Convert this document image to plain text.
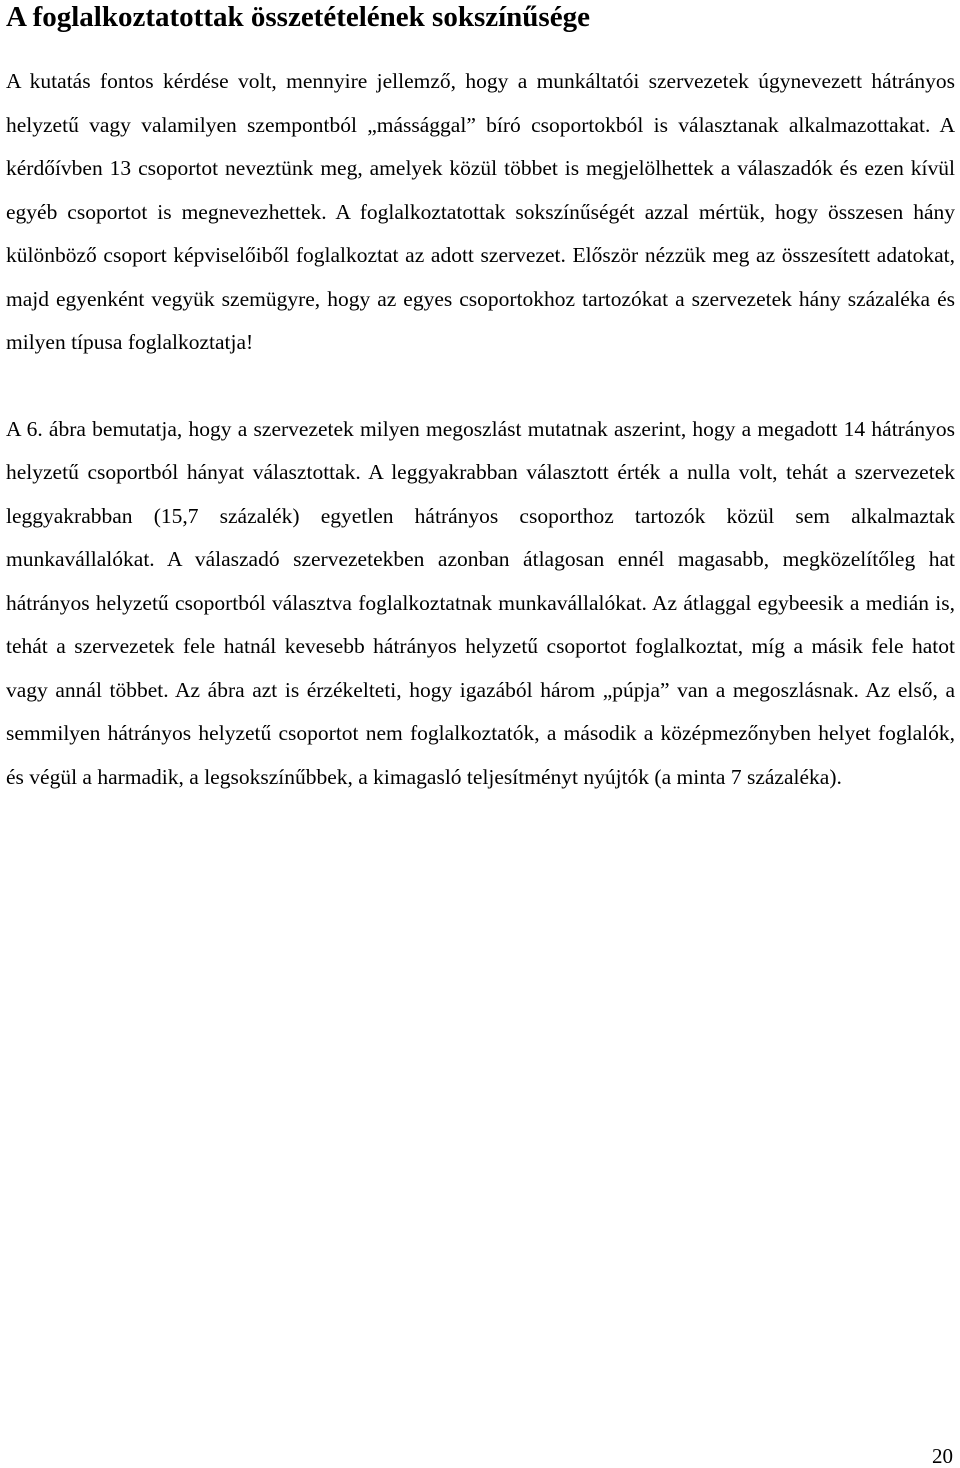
A foglalkoztatottak összetételének sokszínűsége

A kutatás fontos kérdése volt, mennyire jellemző, hogy a munkáltatói szervezetek úgynevezett hátrányos helyzetű vagy valamilyen szempontból „mássággal” bíró csoportokból is választanak alkalmazottakat. A kérdőívben 13 csoportot neveztünk meg, amelyek közül többet is megjelölhettek a válaszadók és ezen kívül egyéb csoportot is megnevezhettek. A foglalkoztatottak sokszínűségét azzal mértük, hogy összesen hány különböző csoport képviselőiből foglalkoztat az adott szervezet. Először nézzük meg az összesített adatokat, majd egyenként vegyük szemügyre, hogy az egyes csoportokhoz tartozókat a szervezetek hány százaléka és milyen típusa foglalkoztatja!

A 6. ábra bemutatja, hogy a szervezetek milyen megoszlást mutatnak aszerint, hogy a megadott 14 hátrányos helyzetű csoportból hányat választottak. A leggyakrabban választott érték a nulla volt, tehát a szervezetek leggyakrabban (15,7 százalék) egyetlen hátrányos csoporthoz tartozók közül sem alkalmaztak munkavállalókat. A válaszadó szervezetekben azonban átlagosan ennél magasabb, megközelítőleg hat hátrányos helyzetű csoportból választva foglalkoztatnak munkavállalókat. Az átlaggal egybeesik a medián is, tehát a szervezetek fele hatnál kevesebb hátrányos helyzetű csoportot foglalkoztat, míg a másik fele hatot vagy annál többet. Az ábra azt is érzékelteti, hogy igazából három „púpja” van a megoszlásnak. Az első, a semmilyen hátrányos helyzetű csoportot nem foglalkoztatók, a második a középmezőnyben helyet foglalók, és végül a harmadik, a legsokszínűbbek, a kimagasló teljesítményt nyújtók (a minta 7 százaléka).

20
